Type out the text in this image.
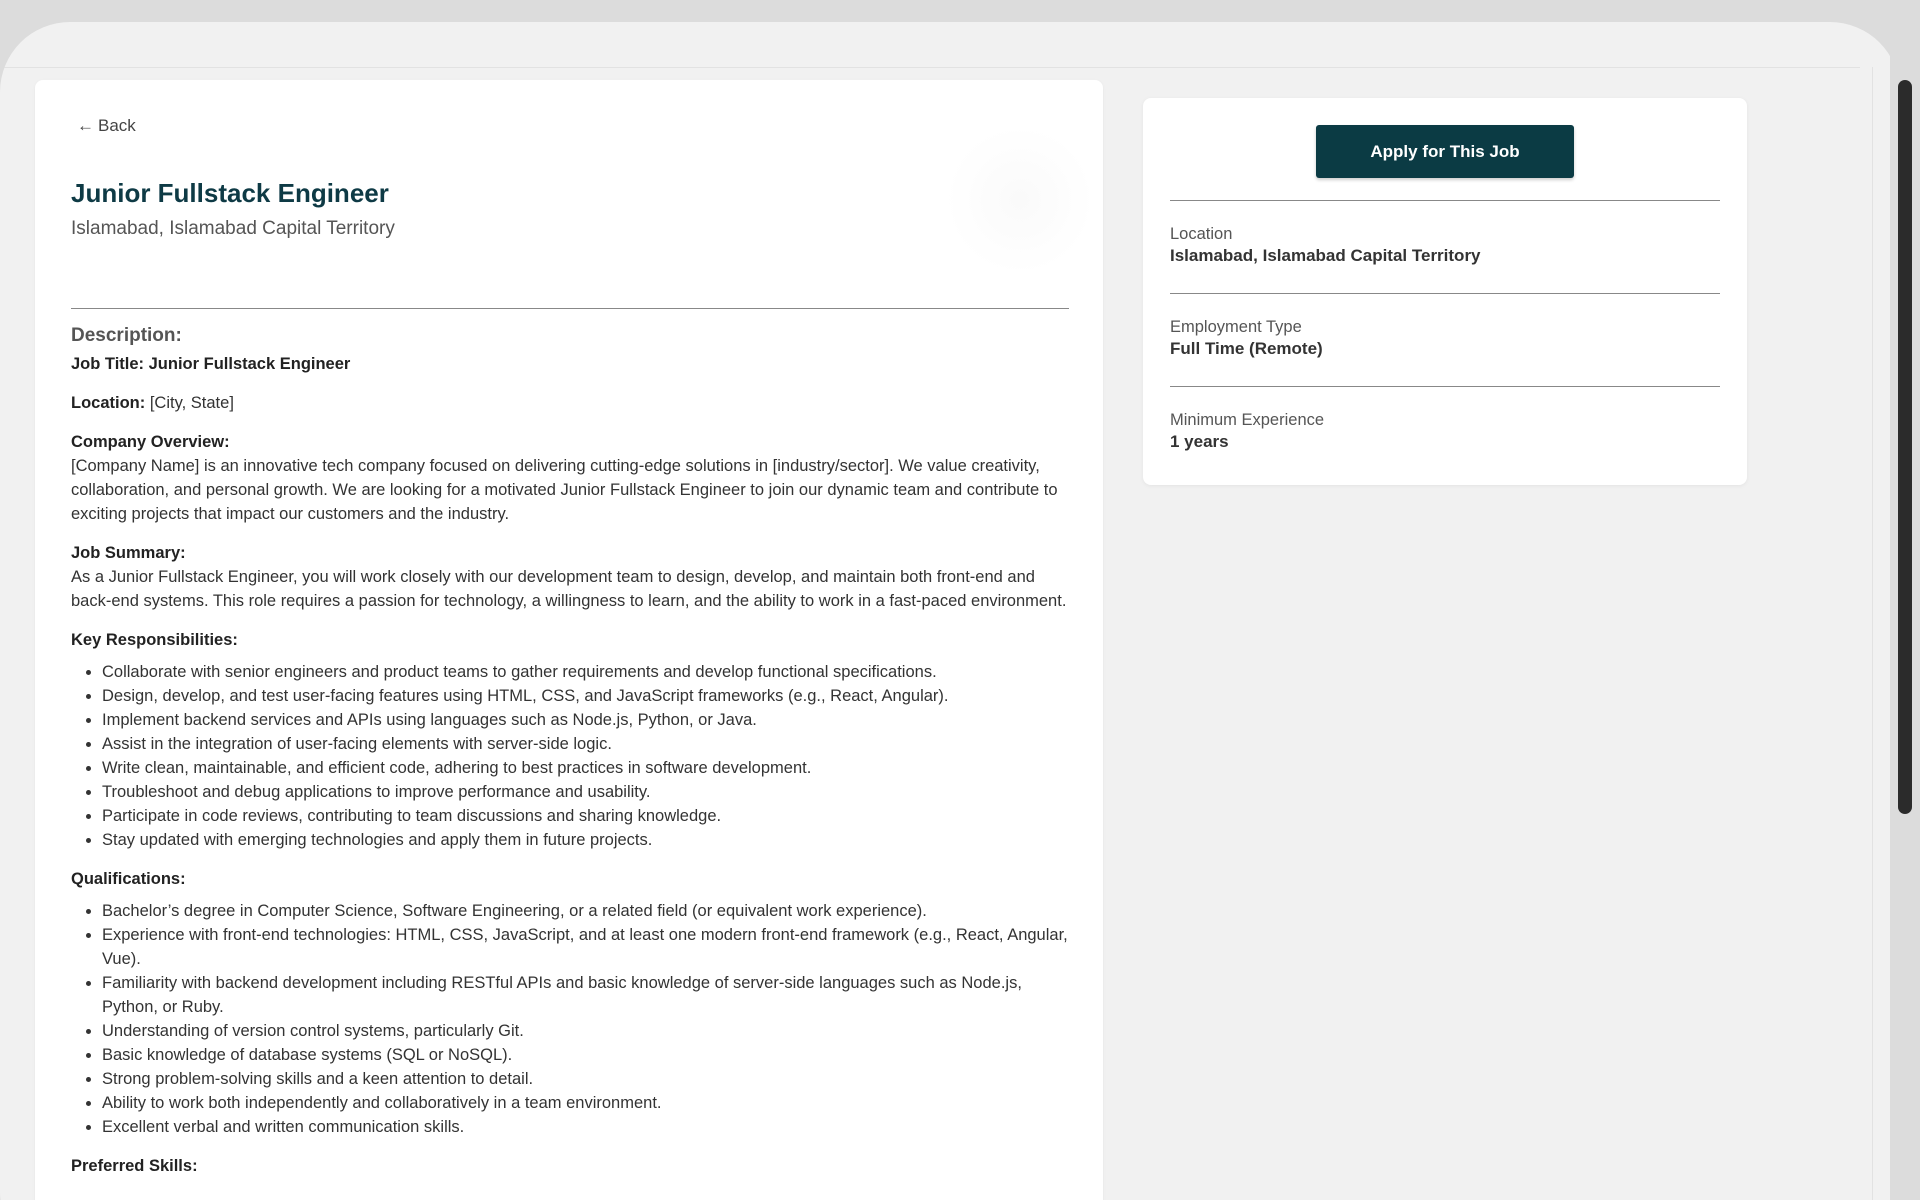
← Back
Junior Fullstack Engineer
Islamabad, Islamabad Capital Territory
Description:

Job Title: Junior Fullstack Engineer

Location: [City, State]

Company Overview:
[Company Name] is an innovative tech company focused on delivering cutting-edge solutions in [industry/sector]. We value creativity, collaboration, and personal growth. We are looking for a motivated Junior Fullstack Engineer to join our dynamic team and contribute to exciting projects that impact our customers and the industry.

Job Summary:
As a Junior Fullstack Engineer, you will work closely with our development team to design, develop, and maintain both front-end and back-end systems. This role requires a passion for technology, a willingness to learn, and the ability to work in a fast-paced environment.

Key Responsibilities:

• Collaborate with senior engineers and product teams to gather requirements and develop functional specifications.
• Design, develop, and test user-facing features using HTML, CSS, and JavaScript frameworks (e.g., React, Angular).
• Implement backend services and APIs using languages such as Node.js, Python, or Java.
• Assist in the integration of user-facing elements with server-side logic.
• Write clean, maintainable, and efficient code, adhering to best practices in software development.
• Troubleshoot and debug applications to improve performance and usability.
• Participate in code reviews, contributing to team discussions and sharing knowledge.
• Stay updated with emerging technologies and apply them in future projects.

Qualifications:

• Bachelor’s degree in Computer Science, Software Engineering, or a related field (or equivalent work experience).
• Experience with front-end technologies: HTML, CSS, JavaScript, and at least one modern front-end framework (e.g., React, Angular, Vue).
• Familiarity with backend development including RESTful APIs and basic knowledge of server-side languages such as Node.js, Python, or Ruby.
• Understanding of version control systems, particularly Git.
• Basic knowledge of database systems (SQL or NoSQL).
• Strong problem-solving skills and a keen attention to detail.
• Ability to work both independently and collaboratively in a team environment.
• Excellent verbal and written communication skills.

Preferred Skills:

Apply for This Job
Location
Islamabad, Islamabad Capital Territory
Employment Type
Full Time (Remote)
Minimum Experience
1 years
